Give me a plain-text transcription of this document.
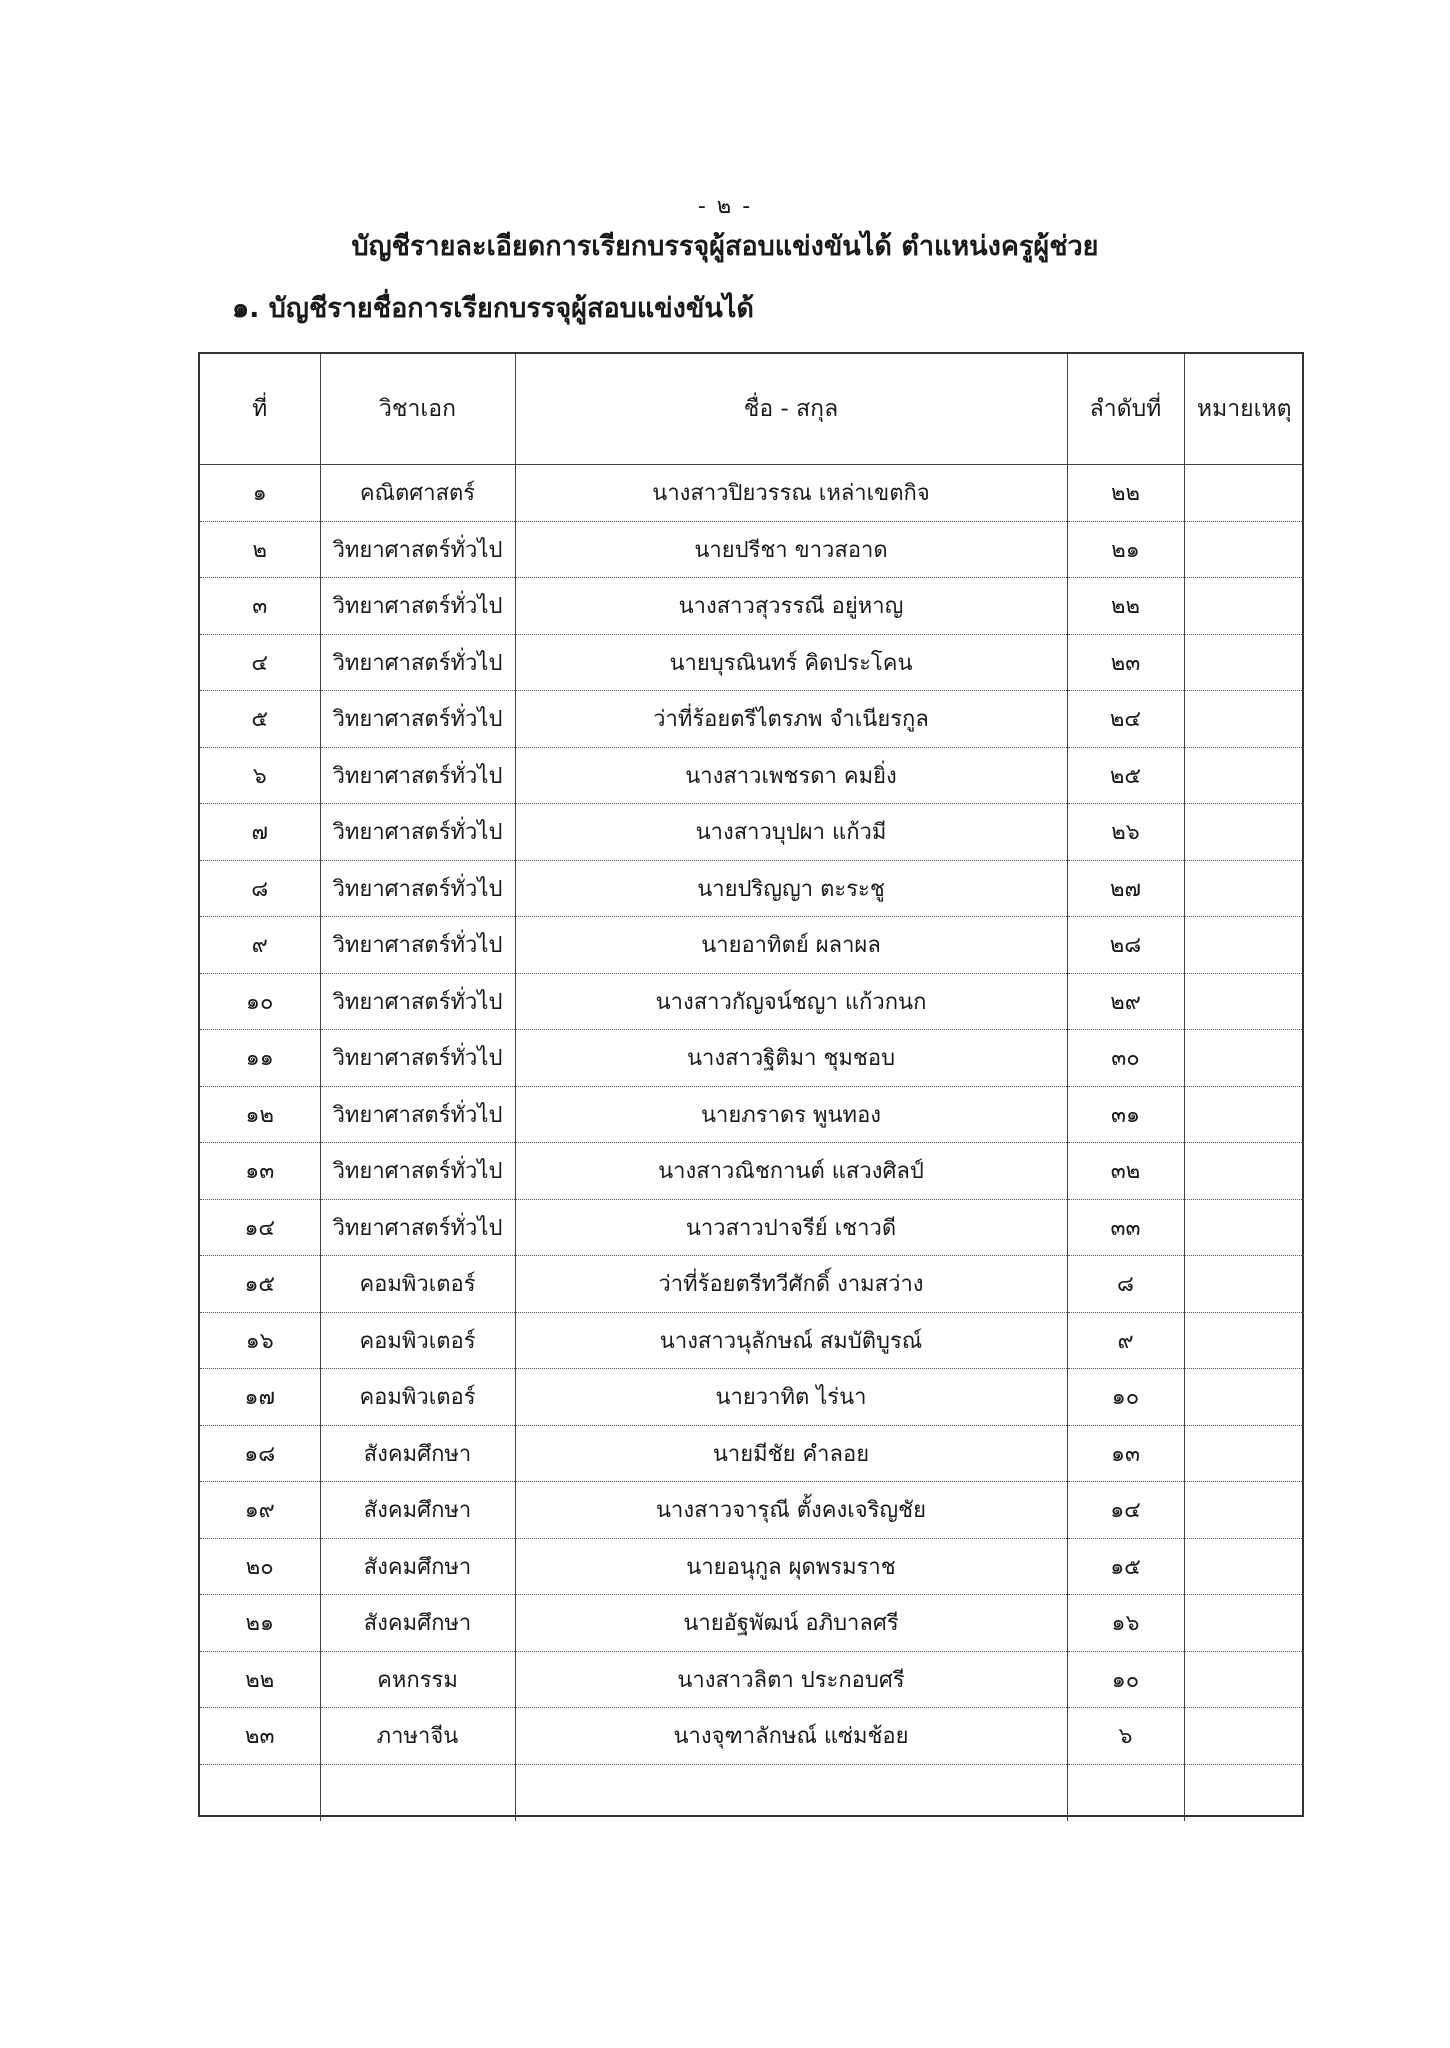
- ๒ -
บัญชีรายละเอียดการเรียกบรรจุผู้สอบแข่งขันได้ ตำแหน่งครูผู้ช่วย
๑. บัญชีรายชื่อการเรียกบรรจุผู้สอบแข่งขันได้
ที่	วิชาเอก	ชื่อ - สกุล	ลำดับที่	หมายเหตุ
๑	คณิตศาสตร์	นางสาวปิยวรรณ เหล่าเขตกิจ	๒๒	
๒	วิทยาศาสตร์ทั่วไป	นายปรีชา ขาวสอาด	๒๑	
๓	วิทยาศาสตร์ทั่วไป	นางสาวสุวรรณี อยู่หาญ	๒๒	
๔	วิทยาศาสตร์ทั่วไป	นายบุรณินทร์ คิดประโคน	๒๓	
๕	วิทยาศาสตร์ทั่วไป	ว่าที่ร้อยตรีไตรภพ จำเนียรกูล	๒๔	
๖	วิทยาศาสตร์ทั่วไป	นางสาวเพชรดา คมยิ่ง	๒๕	
๗	วิทยาศาสตร์ทั่วไป	นางสาวบุปผา แก้วมี	๒๖	
๘	วิทยาศาสตร์ทั่วไป	นายปริญญา ตะระชู	๒๗	
๙	วิทยาศาสตร์ทั่วไป	นายอาทิตย์ ผลาผล	๒๘	
๑๐	วิทยาศาสตร์ทั่วไป	นางสาวกัญจน์ชญา แก้วกนก	๒๙	
๑๑	วิทยาศาสตร์ทั่วไป	นางสาวฐิติมา ชุมชอบ	๓๐	
๑๒	วิทยาศาสตร์ทั่วไป	นายภราดร พูนทอง	๓๑	
๑๓	วิทยาศาสตร์ทั่วไป	นางสาวณิชกานต์ แสวงศิลป์	๓๒	
๑๔	วิทยาศาสตร์ทั่วไป	นาวสาวปาจรีย์ เชาวดี	๓๓	
๑๕	คอมพิวเตอร์	ว่าที่ร้อยตรีทวีศักดิ์ งามสว่าง	๘	
๑๖	คอมพิวเตอร์	นางสาวนุลักษณ์ สมบัติบูรณ์	๙	
๑๗	คอมพิวเตอร์	นายวาทิต ไร่นา	๑๐	
๑๘	สังคมศึกษา	นายมีชัย คำลอย	๑๓	
๑๙	สังคมศึกษา	นางสาวจารุณี ตั้งคงเจริญชัย	๑๔	
๒๐	สังคมศึกษา	นายอนุกูล ผุดพรมราช	๑๕	
๒๑	สังคมศึกษา	นายอัฐพัฒน์ อภิบาลศรี	๑๖	
๒๒	คหกรรม	นางสาวลิตา ประกอบศรี	๑๐	
๒๓	ภาษาจีน	นางจุฑาลักษณ์ แซ่มช้อย	๖	
